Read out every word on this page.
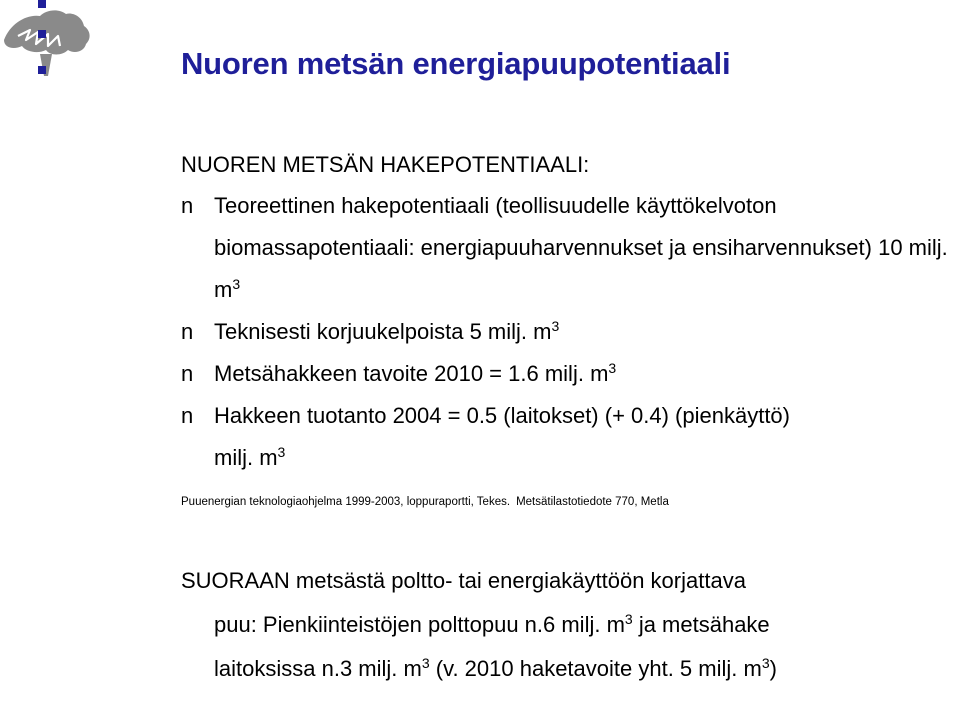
Nuoren metsän energiapuupotentiaali
NUOREN METSÄN HAKEPOTENTIAALI:
n Teoreettinen hakepotentiaali (teollisuudelle käyttökelvoton biomassapotentiaali: energiapuuharvennukset ja ensiharvennukset) 10 milj. $m^3$
n Teknisesti korjuukelpoista 5 milj. $m^3$
n Metsähakkeen tavoite 2010 = 1.6 milj. $m^3$
n Hakkeen tuotanto 2004 = 0.5 (laitokset) (+ 0.4) (pienkäyttö) milj. $m^3$
Puuenergian teknologiaohjelma 1999-2003, loppuraportti, Tekes. Metsätilastotiedote 770, Metla
SUORAAN metsästä poltto- tai energiakäyttöön korjattava
puu: Pienkiinteistöjen polttopuu n.6 milj. $m^3$ ja metsähake
laitoksissa n.3 milj. $m^3$ (v. 2010 haketavoite yht. 5 milj. $m^3$)
